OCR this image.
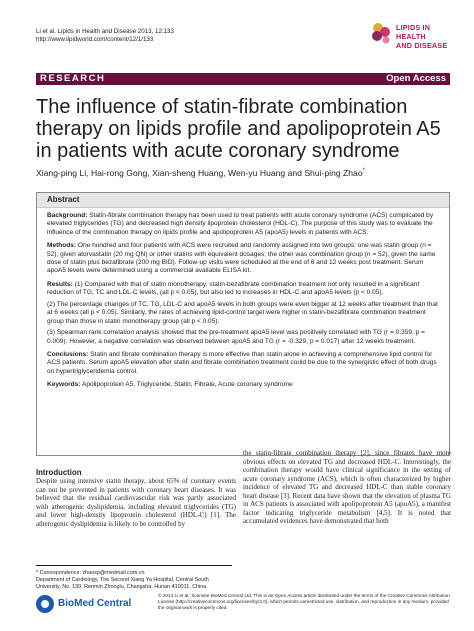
Li et al. Lipids in Health and Disease 2013, 12:133
http://www.lipidworld.com/content/12/1/133
LIPIDS IN HEALTH
AND DISEASE
RESEARCH	Open Access
The influence of statin-fibrate combination therapy on lipids profile and apolipoprotein A5 in patients with acute coronary syndrome
Xiang-ping Li, Hai-rong Gong, Xian-sheng Huang, Wen-yu Huang and Shui-ping Zhao*
Abstract

Background: Statin-fibrate combination therapy has been used to treat patients with acute coronary syndrome (ACS) complicated by elevated triglycerides (TG) and decreased high density lipoprotein cholesterol (HDL-C). The purpose of this study was to evaluate the influence of the combination therapy on lipids profile and apolipoprotein A5 (apoA5) levels in patients with ACS.

Methods: One hundred and four patients with ACS were recruited and randomly assigned into two groups: one was statin group (n = 52), given atorvastatin (20 mg QN) or other statins with equivalent dosages; the other was combination group (n = 52), given the same dose of statin plus bezafibrate (200 mg BID). Follow-up visits were scheduled at the end of 6 and 12 weeks post treatment. Serum apoA5 levels were determined using a commercial available ELISA kit.

Results: (1) Compared with that of statin monotherapy, statin-bezafibrate combination treatment not only resulted in a significant reduction of TG, TC and LDL-C levels, (all p < 0.05), but also led to increases in HDL-C and apoA5 levels (p < 0.05).

(2) The percentage changes of TC, TG, LDL-C and apoA5 levels in both groups were even bigger at 12 weeks after treatment than that at 6 weeks (all p < 0.05). Similarly, the rates of achieving lipid-control target were higher in statin-bezafibrate combination treatment group than those in statin monotherapy group (all p < 0.05).

(3) Spearman rank correlation analysis showed that the pre-treatment apoA5 level was positively correlated with TG (r = 0.359, p = 0.009). However, a negative correlation was observed between apoA5 and TG (r = -0.329, p = 0.017) after 12 weeks treatment.

Conclusions: Statin and fibrate combination therapy is more effective than statin alone in achieving a comprehensive lipid control for ACS patients. Serum apoA5 elevation after statin and fibrate combination treatment could be due to the synergistic effect of both drugs on hypertriglyceridemia control.

Keywords: Apolipoprotein A5, Triglyceride, Statin, Fibrate, Acute coronary syndrome

Introduction

Despite using intensive statin therapy, about 65% of coronary events can not be prevented in patients with coronary heart diseases. It was believed that the residual cardiovascular risk was partly associated with atherogenic dyslipidemia, including elevated triglycerides (TG) and lower high-density lipoprotein cholesterol (HDL-C) [1]. The atherogenic dyslipidemia is likely to be controlled by

the statin-fibrate combination therapy [2], since fibrates have more obvious effects on elevated TG and decreased HDL-C. Interestingly, the combination therapy would have clinical significance in the setting of acute coronary syndrome (ACS), which is often characterized by higher incidence of elevated TG and decreased HDL-C than stable coronary heart disease [3]. Recent data have shown that the elevation of plasma TG in ACS patients is associated with apolipoprotein A5 (apoA5), a manifest factor indicating triglyceride metabolism [4,5]. It is noted that accumulated evidences have demonstrated that both

* Correspondence: zhaosp@medmail.com.cn
Department of Cardiology, The Second Xiang Ya Hospital, Central South University, No. 139, Renmin Zhonglu, Changsha, Hunan 410011, China
BioMed Central
© 2013 Li et al.; licensee BioMed Central Ltd. This is an Open Access article distributed under the terms of the Creative Commons Attribution License (http://creativecommons.org/licenses/by/2.0), which permits unrestricted use, distribution, and reproduction in any medium, provided the original work is properly cited.
